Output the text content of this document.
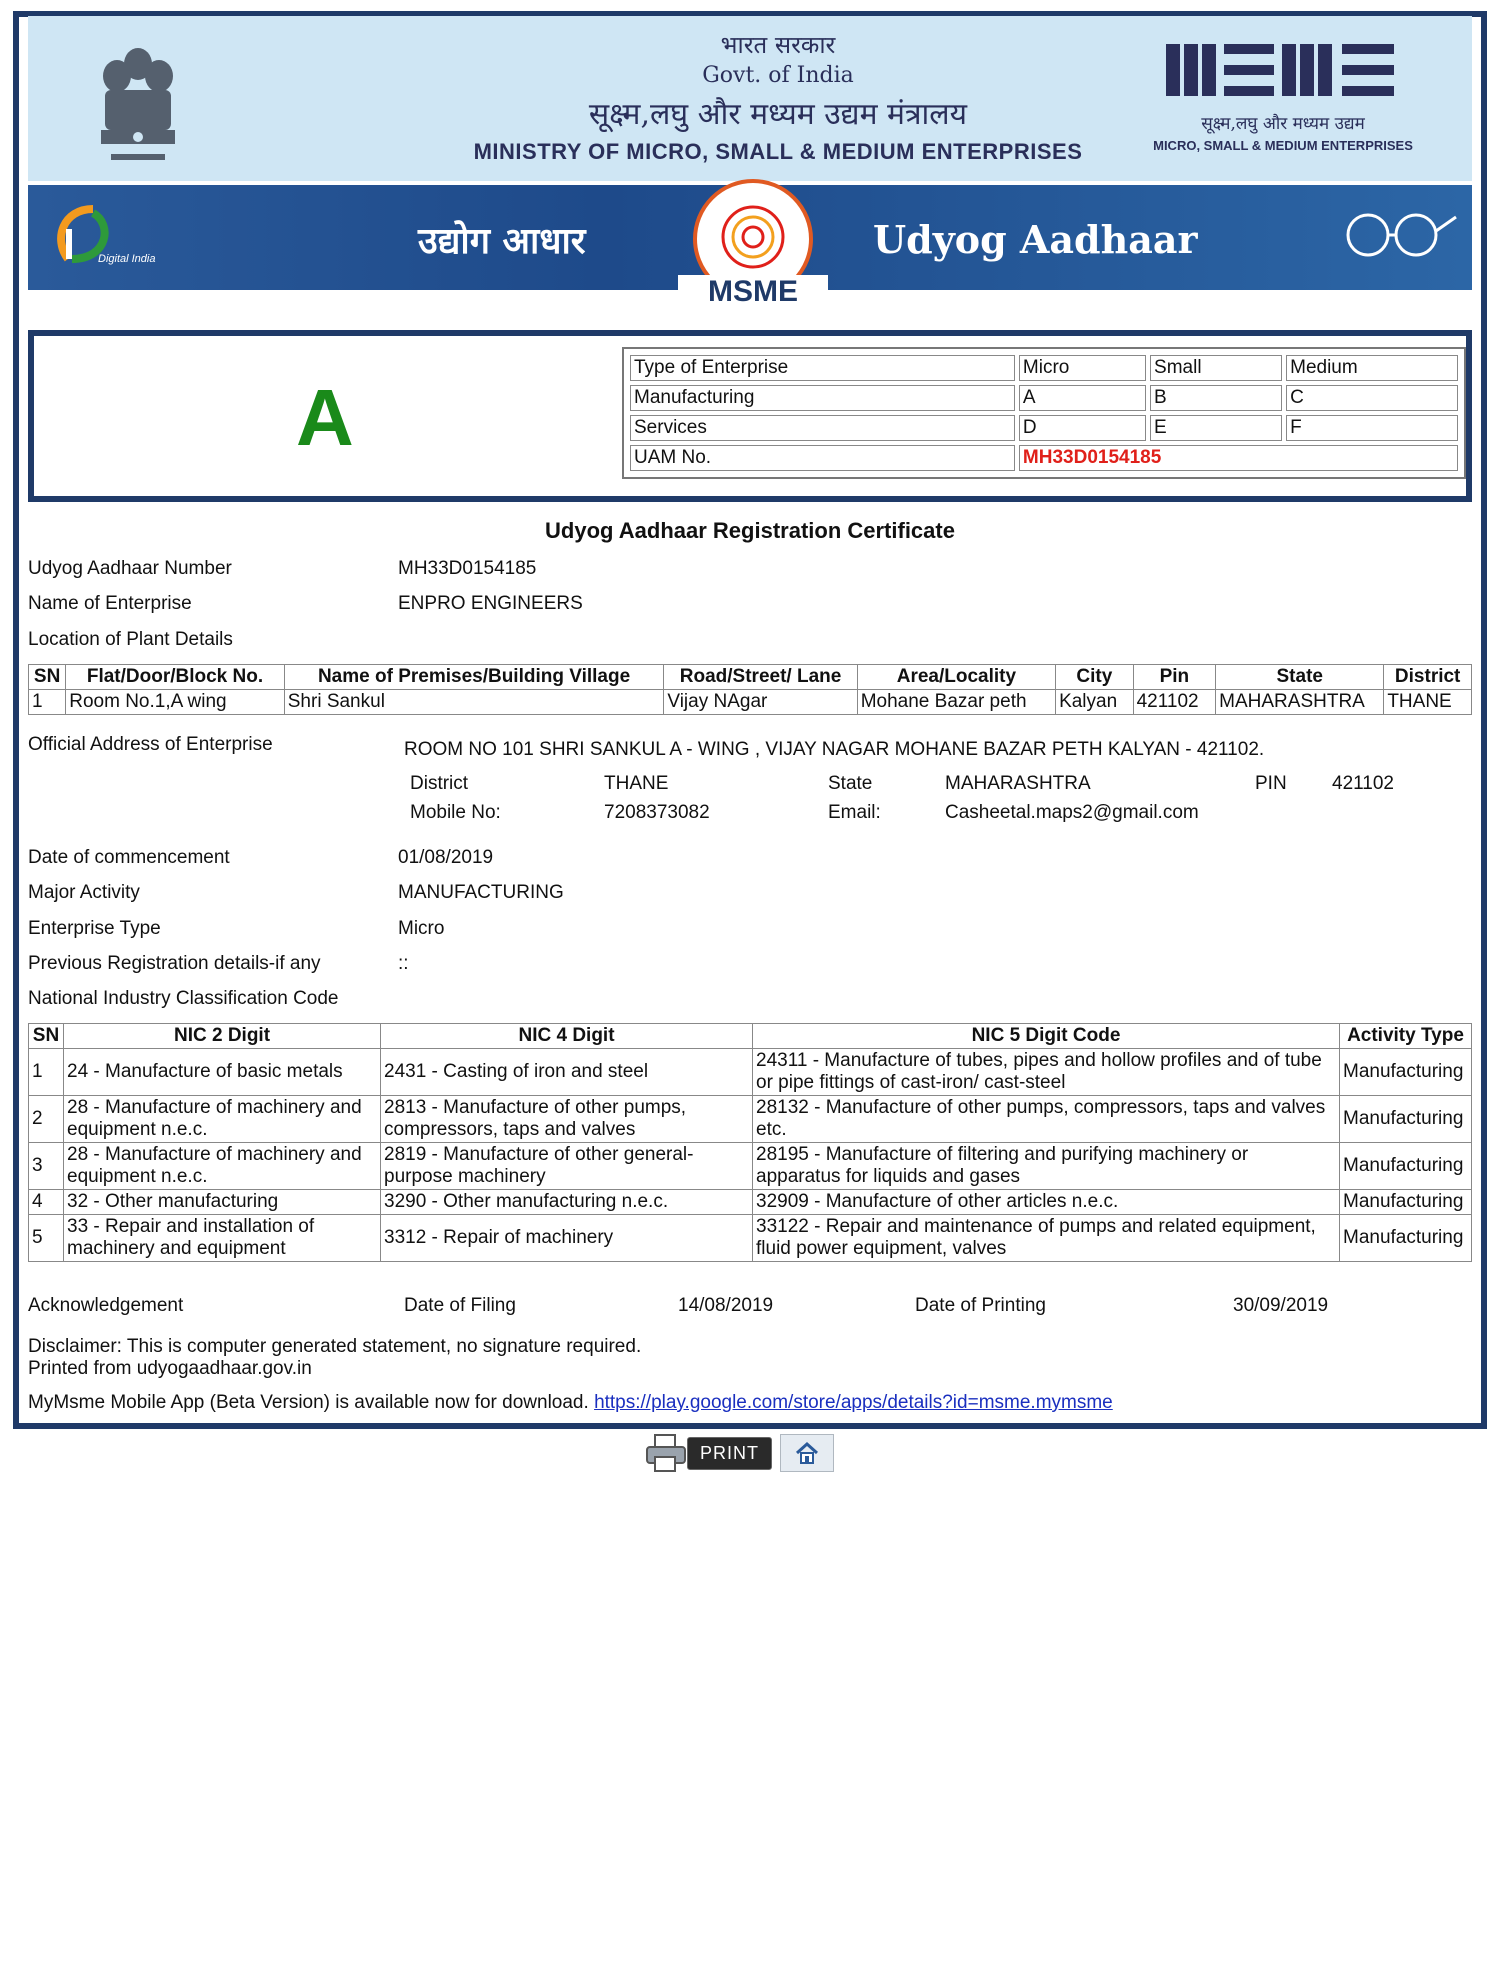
भारत सरकार
Govt. of India
सूक्ष्म,लघु और मध्यम उद्यम मंत्रालय
MINISTRY OF MICRO, SMALL & MEDIUM ENTERPRISES
सूक्ष्म,लघु और मध्यम उद्यम
MICRO, SMALL & MEDIUM ENTERPRISES
Digital India	उद्योग आधार
MSME
Udyog Aadhaar
A
Type of Enterprise	Micro	Small	Medium
Manufacturing	A	B	C
Services	D	E	F
UAM No.	MH33D0154185		
Udyog Aadhaar Registration Certificate
Udyog Aadhaar Number	MH33D0154185
Name of Enterprise	ENPRO ENGINEERS
Location of Plant Details
SN	Flat/Door/Block No.	Name of Premises/Building Village	Road/Street/ Lane	Area/Locality	City	Pin	State	District
1	Room No.1,A wing	Shri Sankul	Vijay NAgar	Mohane Bazar peth	Kalyan	421102	MAHARASHTRA	THANE
Official Address of Enterprise	ROOM NO 101 SHRI SANKUL A - WING , VIJAY NAGAR MOHANE BAZAR PETH KALYAN - 421102.
District	THANE	State	MAHARASHTRA	PIN 421102
Mobile No:	7208373082	Email:	Casheetal.maps2@gmail.com
Date of commencement	01/08/2019
Major Activity	MANUFACTURING
Enterprise Type	Micro
Previous Registration details-if any	::
National Industry Classification Code
SN	NIC 2 Digit	NIC 4 Digit	NIC 5 Digit Code	Activity Type
1	24 - Manufacture of basic metals	2431 - Casting of iron and steel	24311 - Manufacture of tubes, pipes and hollow profiles and of tube or pipe fittings of cast-iron/ cast-steel	Manufacturing
2	28 - Manufacture of machinery and equipment n.e.c.	2813 - Manufacture of other pumps, compressors, taps and valves	28132 - Manufacture of other pumps, compressors, taps and valves etc.	Manufacturing
3	28 - Manufacture of machinery and equipment n.e.c.	2819 - Manufacture of other general-purpose machinery	28195 - Manufacture of filtering and purifying machinery or apparatus for liquids and gases	Manufacturing
4	32 - Other manufacturing	3290 - Other manufacturing n.e.c.	32909 - Manufacture of other articles n.e.c.	Manufacturing
5	33 - Repair and installation of machinery and equipment	3312 - Repair of machinery	33122 - Repair and maintenance of pumps and related equipment, fluid power equipment, valves	Manufacturing
Acknowledgement	Date of Filing	14/08/2019	Date of Printing	30/09/2019
Disclaimer: This is computer generated statement, no signature required.
Printed from udyogaadhaar.gov.in
MyMsme Mobile App (Beta Version) is available now for download. https://play.google.com/store/apps/details?id=msme.mymsme
PRINT
